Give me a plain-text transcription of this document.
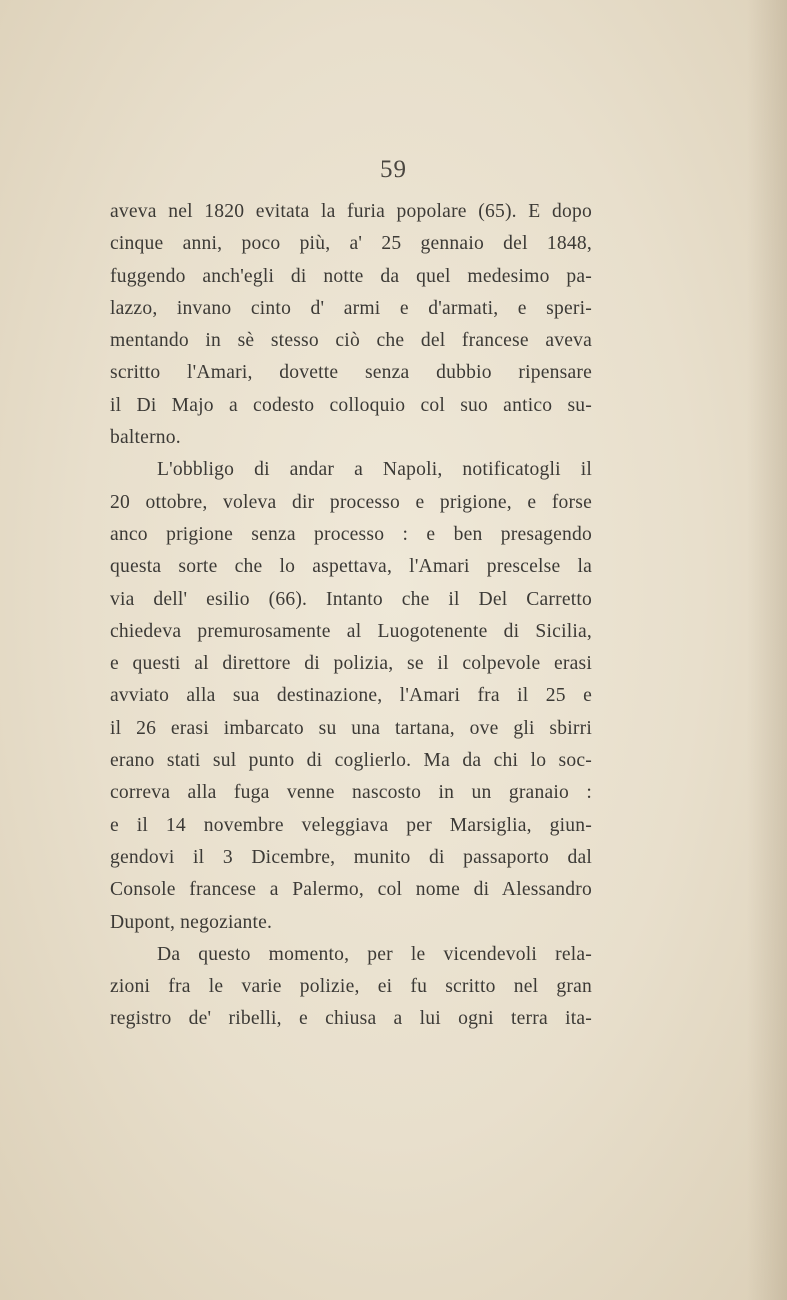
59
aveva nel 1820 evitata la furia popolare (65). E dopo
cinque anni, poco più, a' 25 gennaio del 1848,
fuggendo anch'egli di notte da quel medesimo pa-
lazzo, invano cinto d' armi e d'armati, e speri-
mentando in sè stesso ciò che del francese aveva
scritto l'Amari, dovette senza dubbio ripensare
il Di Majo a codesto colloquio col suo antico su-
balterno.
L'obbligo di andar a Napoli, notificatogli il
20 ottobre, voleva dir processo e prigione, e forse
anco prigione senza processo : e ben presagendo
questa sorte che lo aspettava, l'Amari prescelse la
via dell' esilio (66). Intanto che il Del Carretto
chiedeva premurosamente al Luogotenente di Sicilia,
e questi al direttore di polizia, se il colpevole erasi
avviato alla sua destinazione, l'Amari fra il 25 e
il 26 erasi imbarcato su una tartana, ove gli sbirri
erano stati sul punto di coglierlo. Ma da chi lo soc-
correva alla fuga venne nascosto in un granaio :
e il 14 novembre veleggiava per Marsiglia, giun-
gendovi il 3 Dicembre, munito di passaporto dal
Console francese a Palermo, col nome di Alessandro
Dupont, negoziante.
Da questo momento, per le vicendevoli rela-
zioni fra le varie polizie, ei fu scritto nel gran
registro de' ribelli, e chiusa a lui ogni terra ita-
